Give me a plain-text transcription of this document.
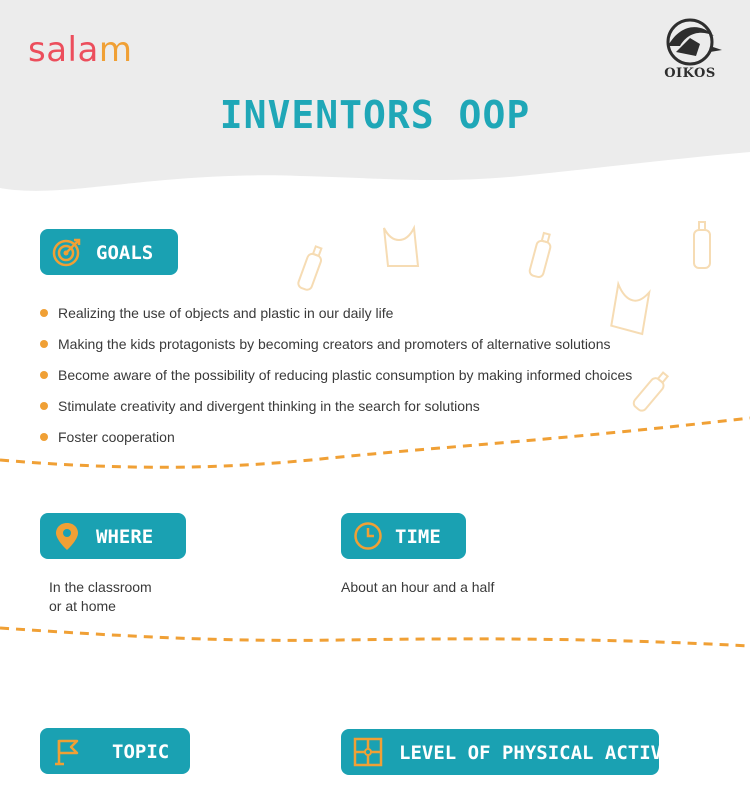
salam
OIKOS
INVENTORS OOP
GOALS
Realizing the use of objects and plastic in our daily life
Making the kids protagonists by becoming creators and promoters of alternative solutions
Become aware of the possibility of reducing plastic consumption by making informed choices
Stimulate creativity and divergent thinking in the search for solutions
Foster cooperation
WHERE
In the classroom
or at home
TIME
About an hour and a half
TOPIC	LEVEL OF PHYSICAL ACTIVITY
